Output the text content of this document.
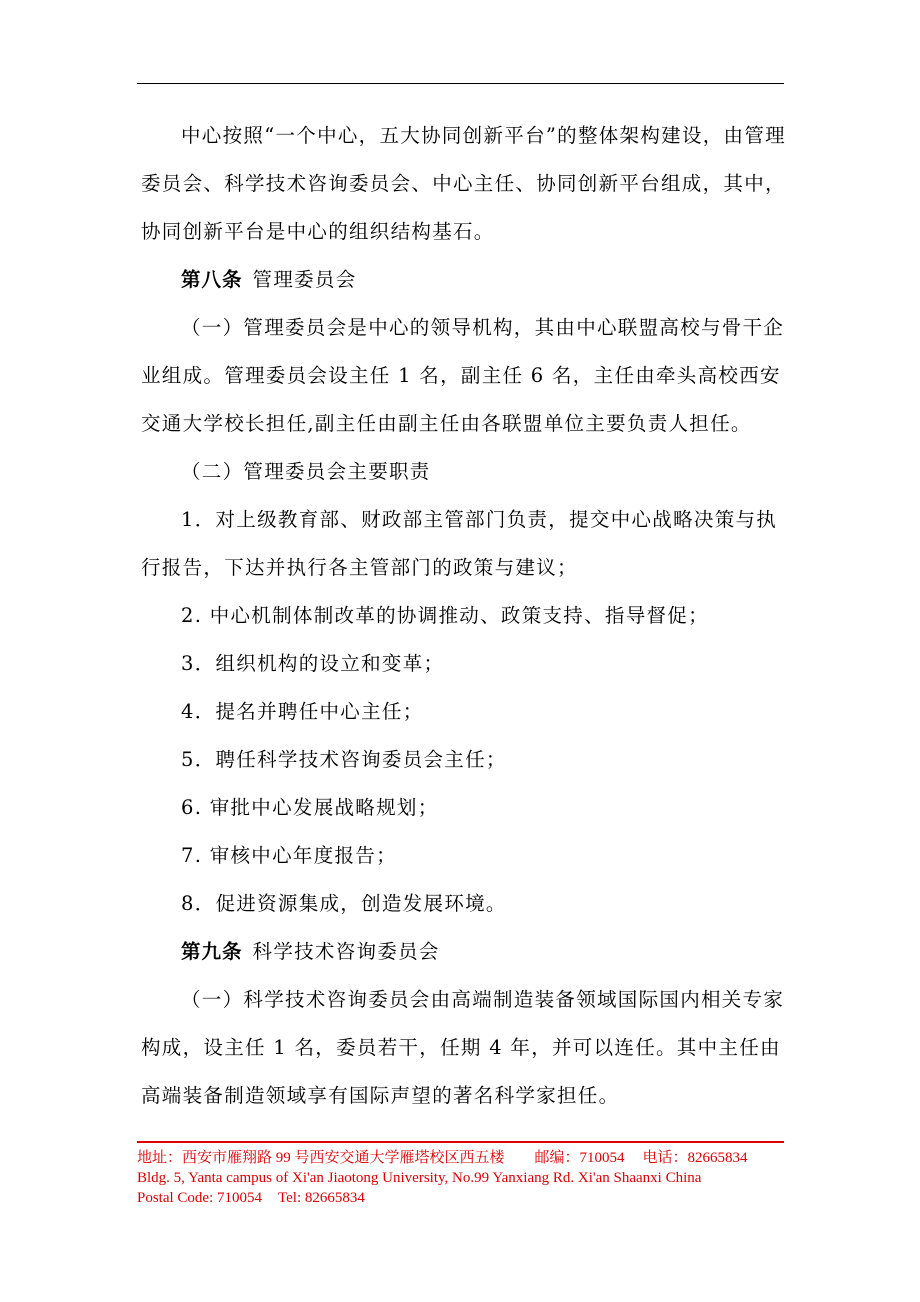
中心按照“一个中心，五大协同创新平台”的整体架构建设，由管理委员会、科学技术咨询委员会、中心主任、协同创新平台组成，其中，协同创新平台是中心的组织结构基石。

第八条 管理委员会

（一）管理委员会是中心的领导机构，其由中心联盟高校与骨干企业组成。管理委员会设主任 1 名，副主任 6 名，主任由牵头高校西安交通大学校长担任,副主任由副主任由各联盟单位主要负责人担任。

（二）管理委员会主要职责

1．对上级教育部、财政部主管部门负责，提交中心战略决策与执行报告，下达并执行各主管部门的政策与建议；

2. 中心机制体制改革的协调推动、政策支持、指导督促；

3．组织机构的设立和变革；

4．提名并聘任中心主任；

5．聘任科学技术咨询委员会主任；

6. 审批中心发展战略规划；

7. 审核中心年度报告；

8．促进资源集成，创造发展环境。

第九条 科学技术咨询委员会

（一）科学技术咨询委员会由高端制造装备领域国际国内相关专家构成，设主任 1 名，委员若干，任期 4 年，并可以连任。其中主任由高端装备制造领域享有国际声望的著名科学家担任。

地址：西安市雁翔路 99 号西安交通大学雁塔校区西五楼 邮编：710054 电话：82665834
Bldg. 5, Yanta campus of Xi'an Jiaotong University, No.99 Yanxiang Rd. Xi'an Shaanxi China
Postal Code: 710054 Tel: 82665834
